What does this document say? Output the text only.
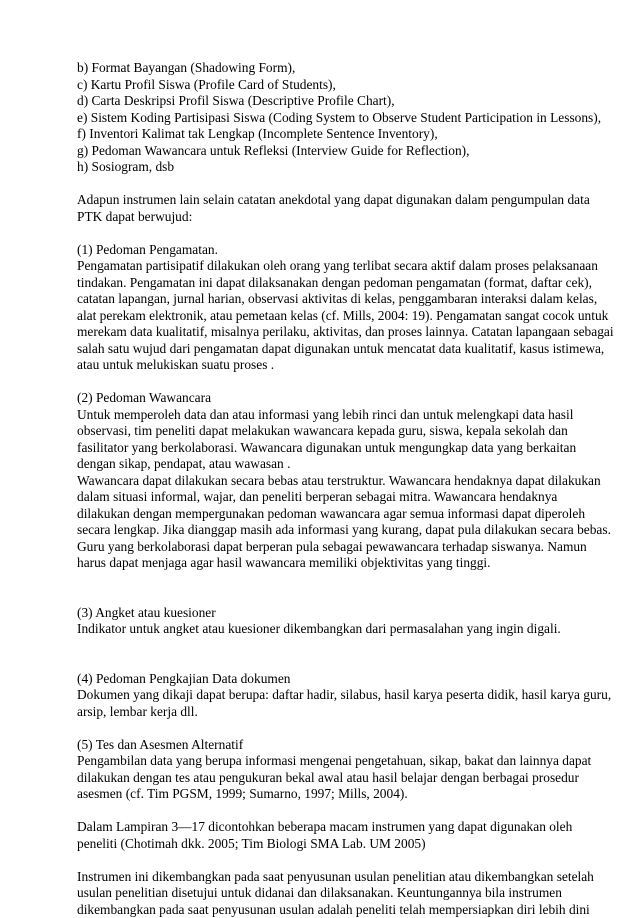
b) Format Bayangan (Shadowing Form),
c) Kartu Profil Siswa (Profile Card of Students),
d) Carta Deskripsi Profil Siswa (Descriptive Profile Chart),
e) Sistem Koding Partisipasi Siswa (Coding System to Observe Student Participation in Lessons),
f) Inventori Kalimat tak Lengkap (Incomplete Sentence Inventory),
g) Pedoman Wawancara untuk Refleksi (Interview Guide for Reflection),
h) Sosiogram, dsb
Adapun instrumen lain selain catatan anekdotal yang dapat digunakan dalam pengumpulan data
PTK dapat berwujud:
(1) Pedoman Pengamatan.
Pengamatan partisipatif dilakukan oleh orang yang terlibat secara aktif dalam proses pelaksanaan
tindakan. Pengamatan ini dapat dilaksanakan dengan pedoman pengamatan (format, daftar cek),
catatan lapangan, jurnal harian, observasi aktivitas di kelas, penggambaran interaksi dalam kelas,
alat perekam elektronik, atau pemetaan kelas (cf. Mills, 2004: 19). Pengamatan sangat cocok untuk
merekam data kualitatif, misalnya perilaku, aktivitas, dan proses lainnya. Catatan lapangaan sebagai
salah satu wujud dari pengamatan dapat digunakan untuk mencatat data kualitatif, kasus istimewa,
atau untuk melukiskan suatu proses .
(2) Pedoman Wawancara
Untuk memperoleh data dan atau informasi yang lebih rinci dan untuk melengkapi data hasil
observasi, tim peneliti dapat melakukan wawancara kepada guru, siswa, kepala sekolah dan
fasilitator yang berkolaborasi. Wawancara digunakan untuk mengungkap data yang berkaitan
dengan sikap, pendapat, atau wawasan .
Wawancara dapat dilakukan secara bebas atau terstruktur. Wawancara hendaknya dapat dilakukan
dalam situasi informal, wajar, dan peneliti berperan sebagai mitra. Wawancara hendaknya
dilakukan dengan mempergunakan pedoman wawancara agar semua informasi dapat diperoleh
secara lengkap. Jika dianggap masih ada informasi yang kurang, dapat pula dilakukan secara bebas.
Guru yang berkolaborasi dapat berperan pula sebagai pewawancara terhadap siswanya. Namun
harus dapat menjaga agar hasil wawancara memiliki objektivitas yang tinggi.
(3) Angket atau kuesioner
Indikator untuk angket atau kuesioner dikembangkan dari permasalahan yang ingin digali.
(4) Pedoman Pengkajian Data dokumen
Dokumen yang dikaji dapat berupa: daftar hadir, silabus, hasil karya peserta didik, hasil karya guru,
arsip, lembar kerja dll.
(5) Tes dan Asesmen Alternatif
Pengambilan data yang berupa informasi mengenai pengetahuan, sikap, bakat dan lainnya dapat
dilakukan dengan tes atau pengukuran bekal awal atau hasil belajar dengan berbagai prosedur
asesmen (cf. Tim PGSM, 1999; Sumarno, 1997; Mills, 2004).
Dalam Lampiran 3—17 dicontohkan beberapa macam instrumen yang dapat digunakan oleh
peneliti (Chotimah dkk. 2005; Tim Biologi SMA Lab. UM 2005)
Instrumen ini dikembangkan pada saat penyusunan usulan penelitian atau dikembangkan setelah
usulan penelitian disetujui untuk didanai dan dilaksanakan. Keuntungannya bila instrumen
dikembangkan pada saat penyusunan usulan adalah peneliti telah mempersiapkan diri lebih dini
